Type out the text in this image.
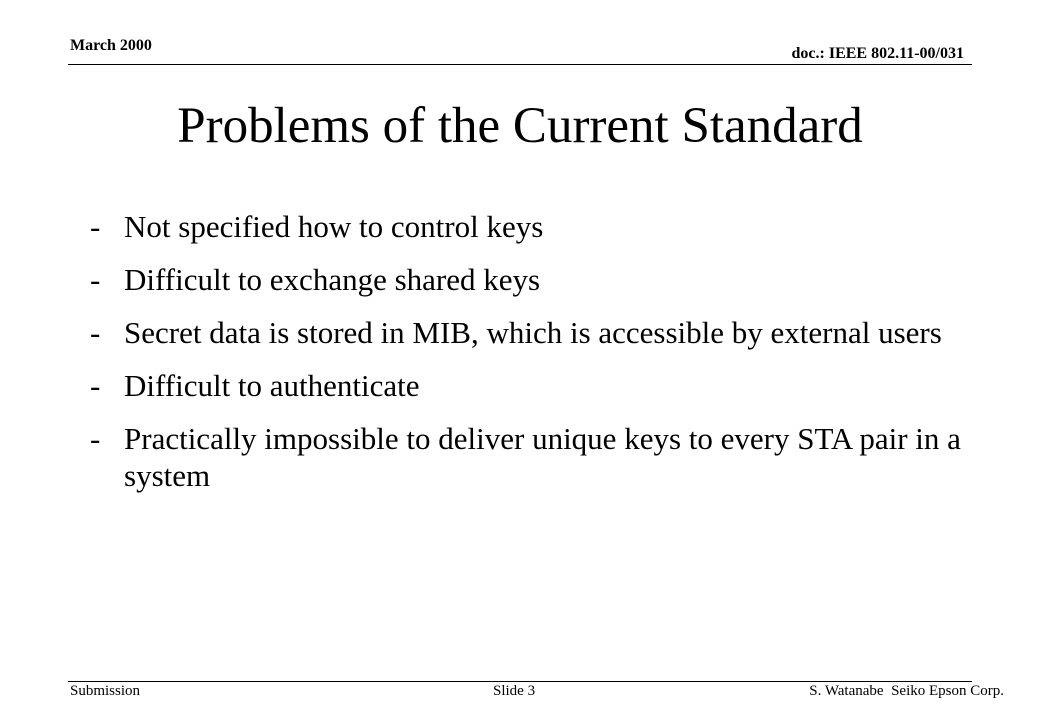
March 2000	doc.: IEEE 802.11-00/031
Problems of the Current Standard
- Not specified how to control keys
- Difficult to exchange shared keys
- Secret data is stored in MIB, which is accessible by external users
- Difficult to authenticate
- Practically impossible to deliver unique keys to every STA pair in a system
Submission	Slide 3	S. Watanabe  Seiko Epson Corp.
